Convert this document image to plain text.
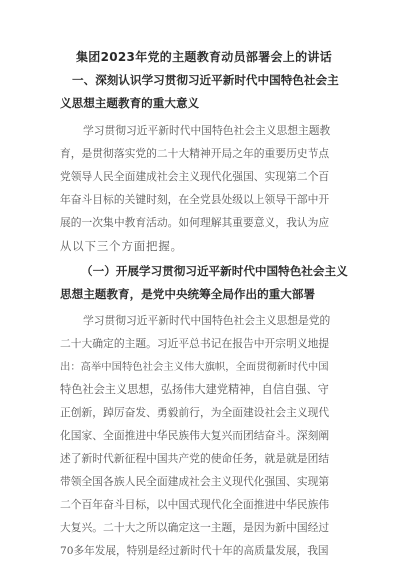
集团2023年党的主题教育动员部署会上的讲话
一、深刻认识学习贯彻习近平新时代中国特色社会主
义思想主题教育的重大意义
学习贯彻习近平新时代中国特色社会主义思想主题教
育，是贯彻落实党的二十大精神开局之年的重要历史节点
党领导人民全面建成社会主义现代化强国、实现第二个百
年奋斗目标的关键时刻，在全党县处级以上领导干部中开
展的一次集中教育活动。如何理解其重要意义，我认为应
从以下三个方面把握。
（一）开展学习贯彻习近平新时代中国特色社会主义
思想主题教育，是党中央统筹全局作出的重大部署
学习贯彻习近平新时代中国特色社会主义思想是党的
二十大确定的主题。习近平总书记在报告中开宗明义地提
出：高举中国特色社会主义伟大旗帜，全面贯彻新时代中国
特色社会主义思想，弘扬伟大建党精神，自信自强、守
正创新，踔厉奋发、勇毅前行，为全面建设社会主义现代
化国家、全面推进中华民族伟大复兴而团结奋斗。深刻阐
述了新时代新征程中国共产党的使命任务，就是就是团结
带领全国各族人民全面建成社会主义现代化强国、实现第
二个百年奋斗目标，以中国式现代化全面推进中华民族伟
大复兴。二十大之所以确定这一主题，是因为新中国经过
70多年发展，特别是经过新时代十年的高质量发展，我国
